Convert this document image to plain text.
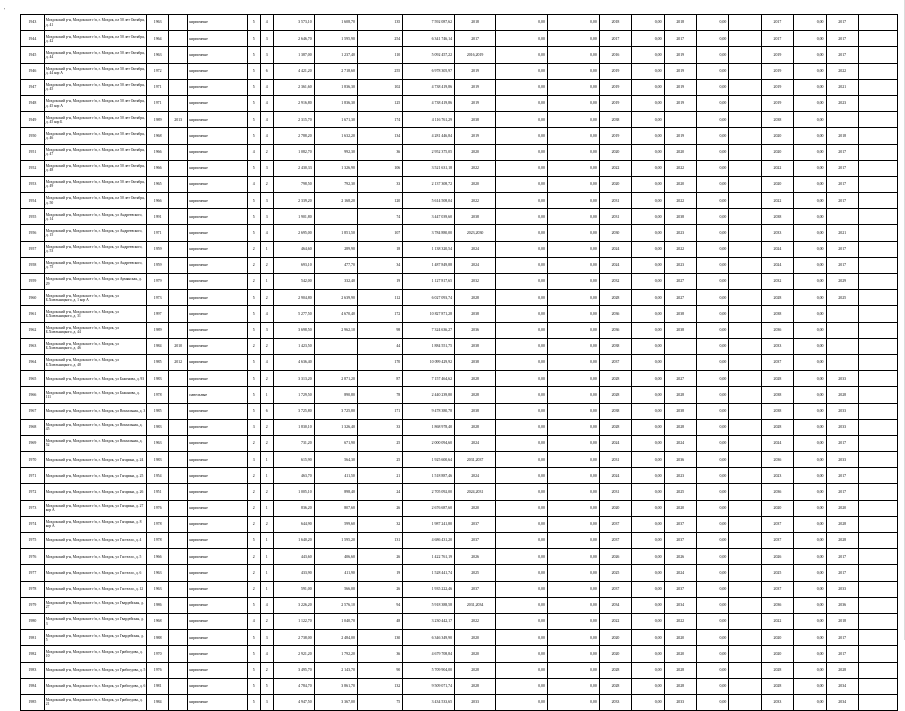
'
1943	Моздокский р-н, Моздокское г/п, г. Моздок, пл 50 лет Октября, д. 41	1963		кирпичные	5	4	3 573,10	1 608,70	135	7 592 087,62	2018	0,00	0,00	2018	0,00	2018	0,00		2017	0,00	2017	
1944	Моздокский р-н, Моздокское г/п, г. Моздок, пл 50 лет Октября, д. 42	1964		кирпичные	5	3	2 646,70	1 595,90	254	6 341 746,14	2017	0,00	0,00	2017	0,00	2017	0,00		2017	0,00	2017	
1945	Моздокский р-н, Моздокское г/п, г. Моздок, пл 50 лет Октября, д. 44	1963		кирпичные	5	3	1 387,00	1 237,40	110	5 092 457,22	2016,2019	0,00	0,00	2016	0,00	2019	0,00		2019	0,00	2017	
1946	Моздокский р-н, Моздокское г/п, г. Моздок, пл 50 лет Октября, д. 44 кор А	1972		кирпичные	5	6	4 421,20	2 718,60	255	6 978 305,97	2019	0,00	0,00	2019	0,00	2019	0,00		2019	0,00	2022	
1947	Моздокский р-н, Моздокское г/п, г. Моздок, пл 50 лет Октября, д. 45	1971		кирпичные	5	4	2 361,60	1 836,30	102	4 738 419,86	2019	0,00	0,00	2019	0,00	2019	0,00		2019	0,00	2021	
1948	Моздокский р-н, Моздокское г/п, г. Моздок, пл 50 лет Октября, д. 45 кор А	1971		кирпичные	5	4	2 916,80	1 836,30	125	4 738 419,86	2019	0,00	0,00	2019	0,00	2019	0,00		2019	0,00	2023	
1949	Моздокский р-н, Моздокское г/п, г. Моздок, пл 50 лет Октября, д. 45 кор Б	1989	2013	кирпичные	5	4	2 315,70	1 671,30	174	4 116 761,29	2038	0,00	0,00	2038	0,00		0,00		2038	0,00		
1950	Моздокский р-н, Моздокское г/п, г. Моздок, пл 50 лет Октября, д. 46	1968		кирпичные	5	4	2 788,20	1 632,20	134	4 281 446,84	2019	0,00	0,00	2019	0,00	2019	0,00		2020	0,00	2018	
1951	Моздокский р-н, Моздокское г/п, г. Моздок, пл 50 лет Октября, д. 47	1966		кирпичные	4	2	1 082,70	992,30	36	2 952 375,05	2020	0,00	0,00	2020	0,00	2020	0,00		2020	0,00	2017	
1952	Моздокский р-н, Моздокское г/п, г. Моздок, пл 50 лет Октября, д. 48	1966		кирпичные	5	3	2 430,33	1 326,90	106	3 521 631,18	2022	0,00	0,00	2022	0,00	2022	0,00		2022	0,00	2017	
1953	Моздокский р-н, Моздокское г/п, г. Моздок, пл 50 лет Октября, д. 49	1965		кирпичные	4	2	798,50	792,30	33	2 137 308,72	2020	0,00	0,00	2020	0,00	2020	0,00		2020	0,00	2017	
1954	Моздокский р-н, Моздокское г/п, г. Моздок, пл 50 лет Октября, д. 50	1966		кирпичные	5	3	2 339,20	2 168,20	120	5 614 508,04	2022	0,00	0,00	2031	0,00	2022	0,00		2022	0,00	2017	
1955	Моздокский р-н, Моздокское г/п, г. Моздок, ул Андреевского, д. 14	1991		кирпичные	5	3	1 901,80		74	3 447 039,60	2038	0,00	0,00	2031	0,00	2038	0,00		2038	0,00		
1956	Моздокский р-н, Моздокское г/п, г. Моздок, ул Андреевского, д. 15	1971		кирпичные	5	4	2 695,00	1 851,50	107	3 784 880,00	2023,2030	0,00	0,00	2030	0,00	2023	0,00		2033	0,00	2021	
1957	Моздокский р-н, Моздокское г/п, г. Моздок, ул Андреевского, д. 53	1959		кирпичные	2	1	464,60	289,90	18	1 138 320,54	2024	0,00	0,00	2024	0,00	2022	0,00		2024	0,00	2017	
1958	Моздокский р-н, Моздокское г/п, г. Моздок, ул Андреевского, д. 75	1959		кирпичные	2	2	693,10	477,70	34	1 487 849,88	2024	0,00	0,00	2024	0,00	2023	0,00		2024	0,00	2017	
1959	Моздокский р-н, Моздокское г/п, г. Моздок, ул Армянская, д. 29	1979		кирпичные	2	1	542,00	332,40	19	1 127 817,65	2032	0,00	0,00	2032	0,00	2027	0,00		2032	0,00	2029	
1960	Моздокский р-н, Моздокское г/п, г. Моздок, ул Б.Хмельницкого, д. 1 кор А	1973		кирпичные	5	2	2 904,80	2 639,90	112	6 027 093,74	2028	0,00	0,00	2028	0,00	2027	0,00		2028	0,00	2025	
1961	Моздокский р-н, Моздокское г/п, г. Моздок, ул Б.Хмельницкого, д. 31	1997		кирпичные	5	4	5 277,50	4 670,40	172	10 827 871,28	2038	0,00	0,00	2036	0,00	2038	0,00		2038	0,00		
1962	Моздокский р-н, Моздокское г/п, г. Моздок, ул Б.Хмельницкого, д. 44	1989		кирпичные	5	3	3 698,50	2 962,10	98	7 324 636,27	2036	0,00	0,00	2036	0,00	2038	0,00		2036	0,00		
1963	Моздокский р-н, Моздокское г/п, г. Моздок, ул Б.Хмельницкого, д. 46	1984	2010	кирпичные	2	2	1 423,50		44	1 884 551,75	2038	0,00	0,00	2038	0,00		0,00		2033	0,00		
1964	Моздокский р-н, Моздокское г/п, г. Моздок, ул Б.Хмельницкого, д. 48	1985	2012	кирпичные	5	4	4 636,40		170	10 099 429,92	2038	0,00	0,00	2037	0,00		0,00		2037	0,00		
1965	Моздокский р-н, Моздокское г/п, г. Моздок, ул Баженова, д. 93	1983		кирпичные	5	2	3 313,20	2 871,20	87	7 157 464,62	2028	0,00	0,00	2028	0,00	2027	0,00		2028	0,00	2033	
1966	Моздокский р-н, Моздокское г/п, г. Моздок, ул Бажанова, д. 111	1978		панельные	5	1	1 729,50	890,80	78	2 440 239,80	2028	0,00	0,00	2028	0,00	2028	0,00		2038	0,00	2028	
1967	Моздокский р-н, Моздокское г/п, г. Моздок, ул Вокзальная, д. 3	1985		кирпичные	5	6	3 725,80	3 725,80	171	9 478 380,78	2038	0,00	0,00	2038	0,00	2038	0,00		2038	0,00	2033	
1968	Моздокский р-н, Моздокское г/п, г. Моздок, ул Вокзальная, д. 45	1983		кирпичные	3	2	1 830,10	1 326,40	33	1 868 978,40	2028	0,00	0,00	2028	0,00	2028	0,00		2028	0,00	2033	
1969	Моздокский р-н, Моздокское г/п, г. Моздок, ул Вокзальная, д. 52	1963		кирпичные	2	2	731,20	671,90	25	2 000 094,60	2024	0,00	0,00	2024	0,00	2024	0,00		2024	0,00	2017	
1970	Моздокский р-н, Моздокское г/п, г. Моздок, ул Гагарина, д. 24	1983		кирпичные	3	1	615,90	564,30	25	1 925 600,64	2031,2037	0,00	0,00	2031	0,00	2036	0,00		2036	0,00	2033	
1971	Моздокский р-н, Моздокское г/п, г. Моздок, ул Гагарина, д. 25	1954		кирпичные	2	1	463,70	411,50	21	1 518 887,46	2024	0,00	0,00	2024	0,00	2023	0,00		2023	0,00	2017	
1972	Моздокский р-н, Моздокское г/п, г. Моздок, ул Гагарина, д. 26	1951		кирпичные	2	2	1 005,10	898,40	24	2 705 092,00	2024,2031	0,00	0,00	2031	0,00	2025	0,00		2036	0,00	2017	
1973	Моздокский р-н, Моздокское г/п, г. Моздок, ул Гагарина, д. 27 кор А	1976		кирпичные	2	1	836,20	807,60	26	2 676 687,60	2020	0,00	0,00	2020	0,00	2020	0,00		2020	0,00	2020	
1974	Моздокский р-н, Моздокское г/п, г. Моздок, ул Гагарина, д. 8 кор А	1978		кирпичные	2	2	644,90	599,60	32	1 987 241,80	2037	0,00	0,00	2037	0,00	2037	0,00		2037	0,00	2028	
1975	Моздокский р-н, Моздокское г/п, г. Моздок, ул Гастелло, д. 4	1978		кирпичные	5	1	1 640,20	1 595,20	131	4 686 431,20	2037	0,00	0,00	2037	0,00	2037	0,00		2037	0,00	2028	
1976	Моздокский р-н, Моздокское г/п, г. Моздок, ул Гастелло, д. 5	1966		кирпичные	2	1	443,60	406,60	26	1 422 761,19	2026	0,00	0,00	2026	0,00	2026	0,00		2026	0,00	2017	
1977	Моздокский р-н, Моздокское г/п, г. Моздок, ул Гастелло, д. 6	1963		кирпичные	2	1	433,90	411,90	19	1 528 441,74	2025	0,00	0,00	2025	0,00	2024	0,00		2025	0,00	2017	
1978	Моздокский р-н, Моздокское г/п, г. Моздок, ул Гастелло, д. 12	1963		кирпичные	2	1	591,00	566,00	26	1 935 222,46	2037	0,00	0,00	2037	0,00	2037	0,00		2037	0,00	2033	
1979	Моздокский р-н, Моздокское г/п, г. Моздок, ул Гвардейская, д. 27	1986		кирпичные	5	4	3 226,20	2 576,10	94	5 918 388,58	2031,2034	0,00	0,00	2034	0,00	2034	0,00		2036	0,00	2036	
1980	Моздокский р-н, Моздокское г/п, г. Моздок, ул Гвардейская, д. 3	1968		кирпичные	4	2	1 122,70	1 040,70	48	3 230 442,17	2022	0,00	0,00	2022	0,00	2022	0,00		2022	0,00	2018	
1981	Моздокский р-н, Моздокское г/п, г. Моздок, ул Гвардейская, д. 5	1988		кирпичные	5	3	2 738,00	2 484,00	130	6 346 349,90	2020	0,00	0,00	2020	0,00	2020	0,00		2020	0,00	2017	
1982	Моздокский р-н, Моздокское г/п, г. Моздок, ул Грибоедова, д. 10	1970		кирпичные	5	4	2 921,20	1 792,20	36	4 679 708,84	2020	0,00	0,00	2020	0,00	2020	0,00		2020	0,00	2017	
1983	Моздокский р-н, Моздокское г/п, г. Моздок, ул Грибоедова, д. 5	1976		кирпичные	5	2	3 495,70	2 143,70	90	5 709 904,00	2028	0,00	0,00	2028	0,00	2028	0,00		2028	0,00	2028	
1984	Моздокский р-н, Моздокское г/п, г. Моздок, ул Грибоедова, д. 6	1981		кирпичные	5	5	4 784,70	3 861,70	132	9 509 071,74	2028	0,00	0,00	2028	0,00	2028	0,00		2028	0,00	2034	
1985	Моздокский р-н, Моздокское г/п, г. Моздок, ул Грибоедова, д. 21	1984		кирпичные	5	3	4 947,50	3 367,00	75	3 434 533,65	2033	0,00	0,00	2033	0,00	2033	0,00		2033	0,00	2034	
